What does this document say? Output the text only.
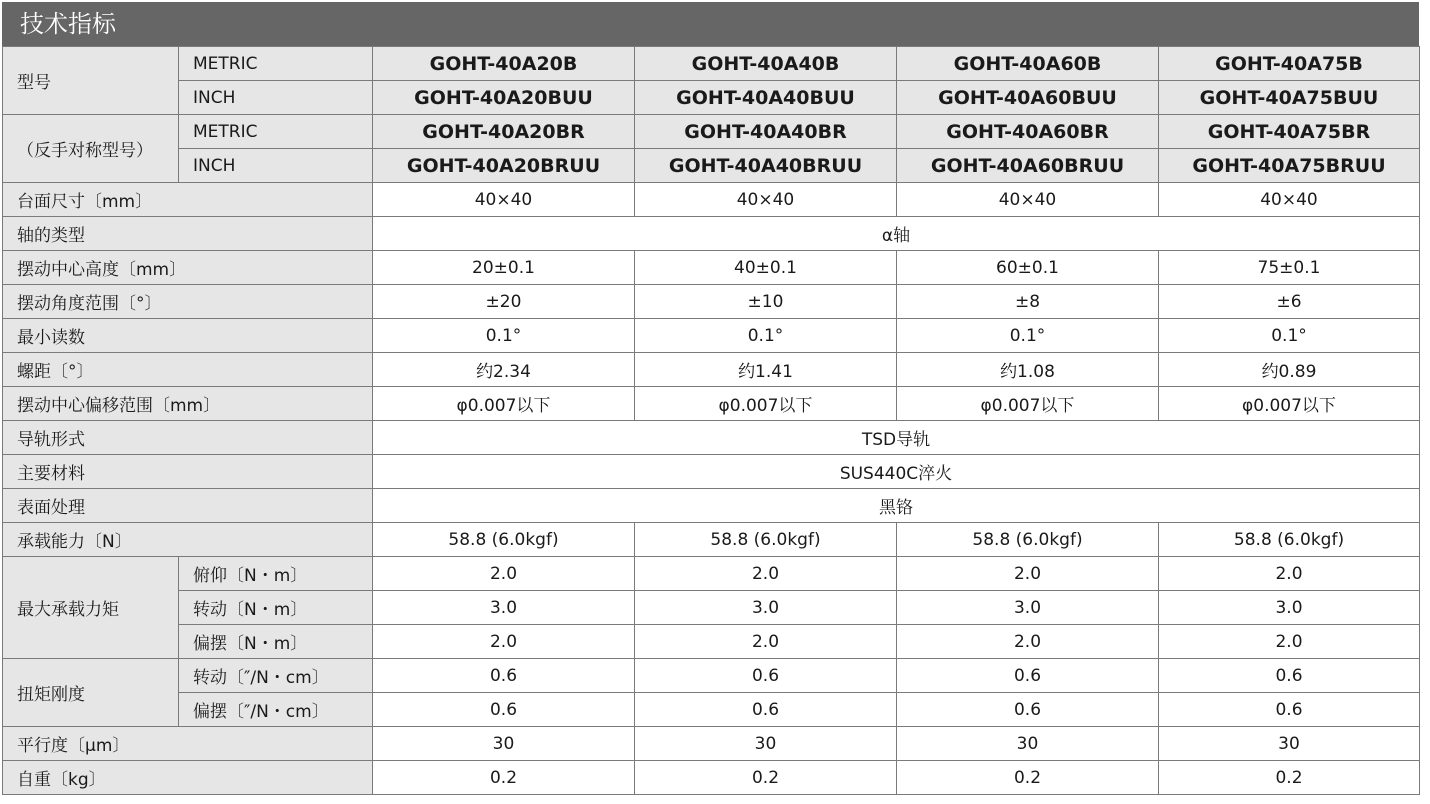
技术指标
型号	METRIC	GOHT-40A20B	GOHT-40A40B	GOHT-40A60B	GOHT-40A75B
	INCH	GOHT-40A20BUU	GOHT-40A40BUU	GOHT-40A60BUU	GOHT-40A75BUU
（反手对称型号）	METRIC	GOHT-40A20BR	GOHT-40A40BR	GOHT-40A60BR	GOHT-40A75BR
	INCH	GOHT-40A20BRUU	GOHT-40A40BRUU	GOHT-40A60BRUU	GOHT-40A75BRUU
台面尺寸〔mm〕		40×40	40×40	40×40	40×40
轴的类型		α轴			
摆动中心高度〔mm〕		20±0.1	40±0.1	60±0.1	75±0.1
摆动角度范围〔°〕		±20	±10	±8	±6
最小读数		0.1°	0.1°	0.1°	0.1°
螺距〔°〕		约2.34	约1.41	约1.08	约0.89
摆动中心偏移范围〔mm〕		φ0.007以下	φ0.007以下	φ0.007以下	φ0.007以下
导轨形式		TSD导轨			
主要材料		SUS440C淬火			
表面处理		黑铬			
承载能力〔N〕		58.8 (6.0kgf)	58.8 (6.0kgf)	58.8 (6.0kgf)	58.8 (6.0kgf)
最大承载力矩	俯仰〔N・m〕	2.0	2.0	2.0	2.0
	转动〔N・m〕	3.0	3.0	3.0	3.0
	偏摆〔N・m〕	2.0	2.0	2.0	2.0
扭矩刚度	转动〔″/N・cm〕	0.6	0.6	0.6	0.6
	偏摆〔″/N・cm〕	0.6	0.6	0.6	0.6
平行度〔μm〕		30	30	30	30
自重〔kg〕		0.2	0.2	0.2	0.2
